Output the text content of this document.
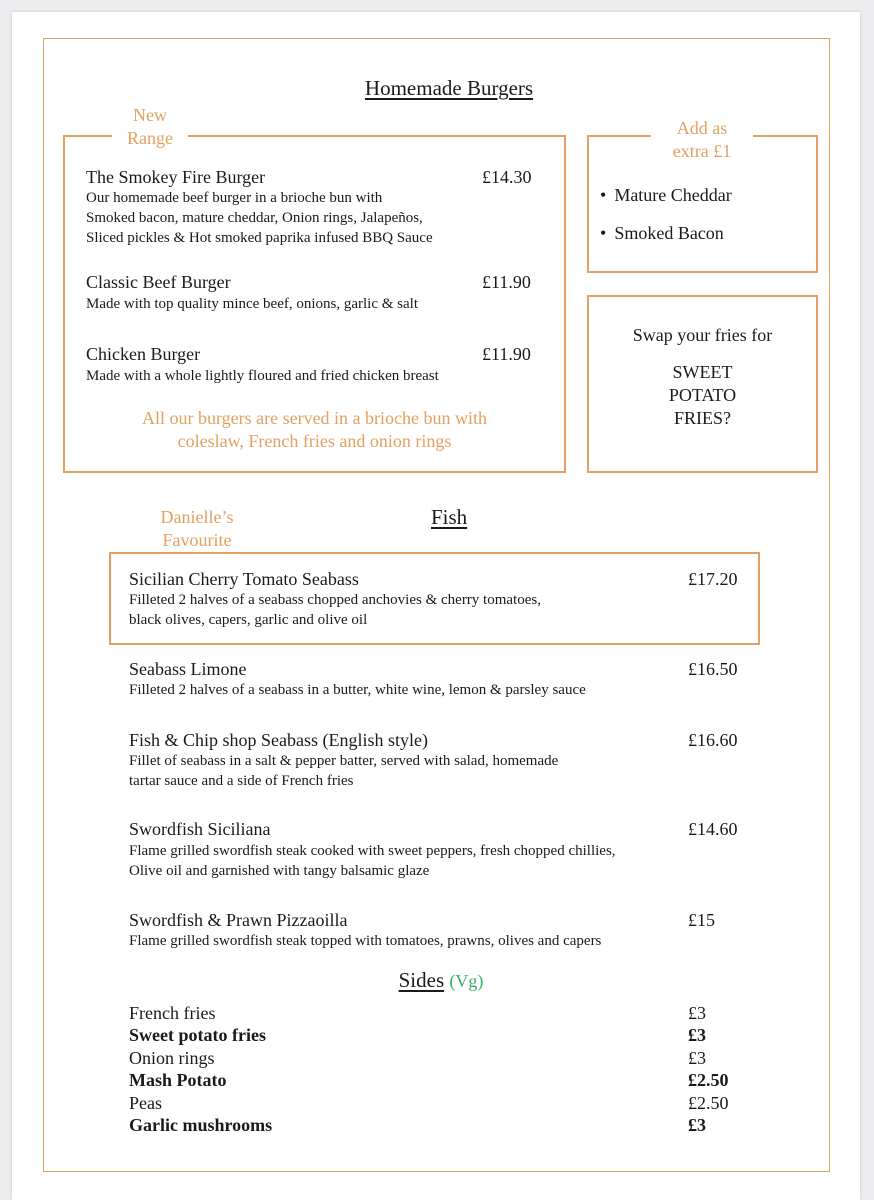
Homemade Burgers
New
Range
The Smokey Fire Burger	£14.30
Our homemade beef burger in a brioche bun with
Smoked bacon, mature cheddar, Onion rings, Jalapeños,
Sliced pickles & Hot smoked paprika infused BBQ Sauce
Classic Beef Burger	£11.90
Made with top quality mince beef, onions, garlic & salt
Chicken Burger	£11.90
Made with a whole lightly floured and fried chicken breast
All our burgers are served in a brioche bun with
coleslaw, French fries and onion rings
Add as
extra £1
• Mature Cheddar
• Smoked Bacon
Swap your fries for
SWEET
POTATO
FRIES?
Fish
Danielle’s
Favourite
Sicilian Cherry Tomato Seabass	£17.20
Filleted 2 halves of a seabass chopped anchovies & cherry tomatoes,
black olives, capers, garlic and olive oil
Seabass Limone	£16.50
Filleted 2 halves of a seabass in a butter, white wine, lemon & parsley sauce
Fish & Chip shop Seabass (English style)	£16.60
Fillet of seabass in a salt & pepper batter, served with salad, homemade
tartar sauce and a side of French fries
Swordfish Siciliana	£14.60
Flame grilled swordfish steak cooked with sweet peppers, fresh chopped chillies,
Olive oil and garnished with tangy balsamic glaze
Swordfish & Prawn Pizzaoilla	£15
Flame grilled swordfish steak topped with tomatoes, prawns, olives and capers
Sides (Vg)
French fries	£3
Sweet potato fries	£3
Onion rings	£3
Mash Potato	£2.50
Peas	£2.50
Garlic mushrooms	£3
